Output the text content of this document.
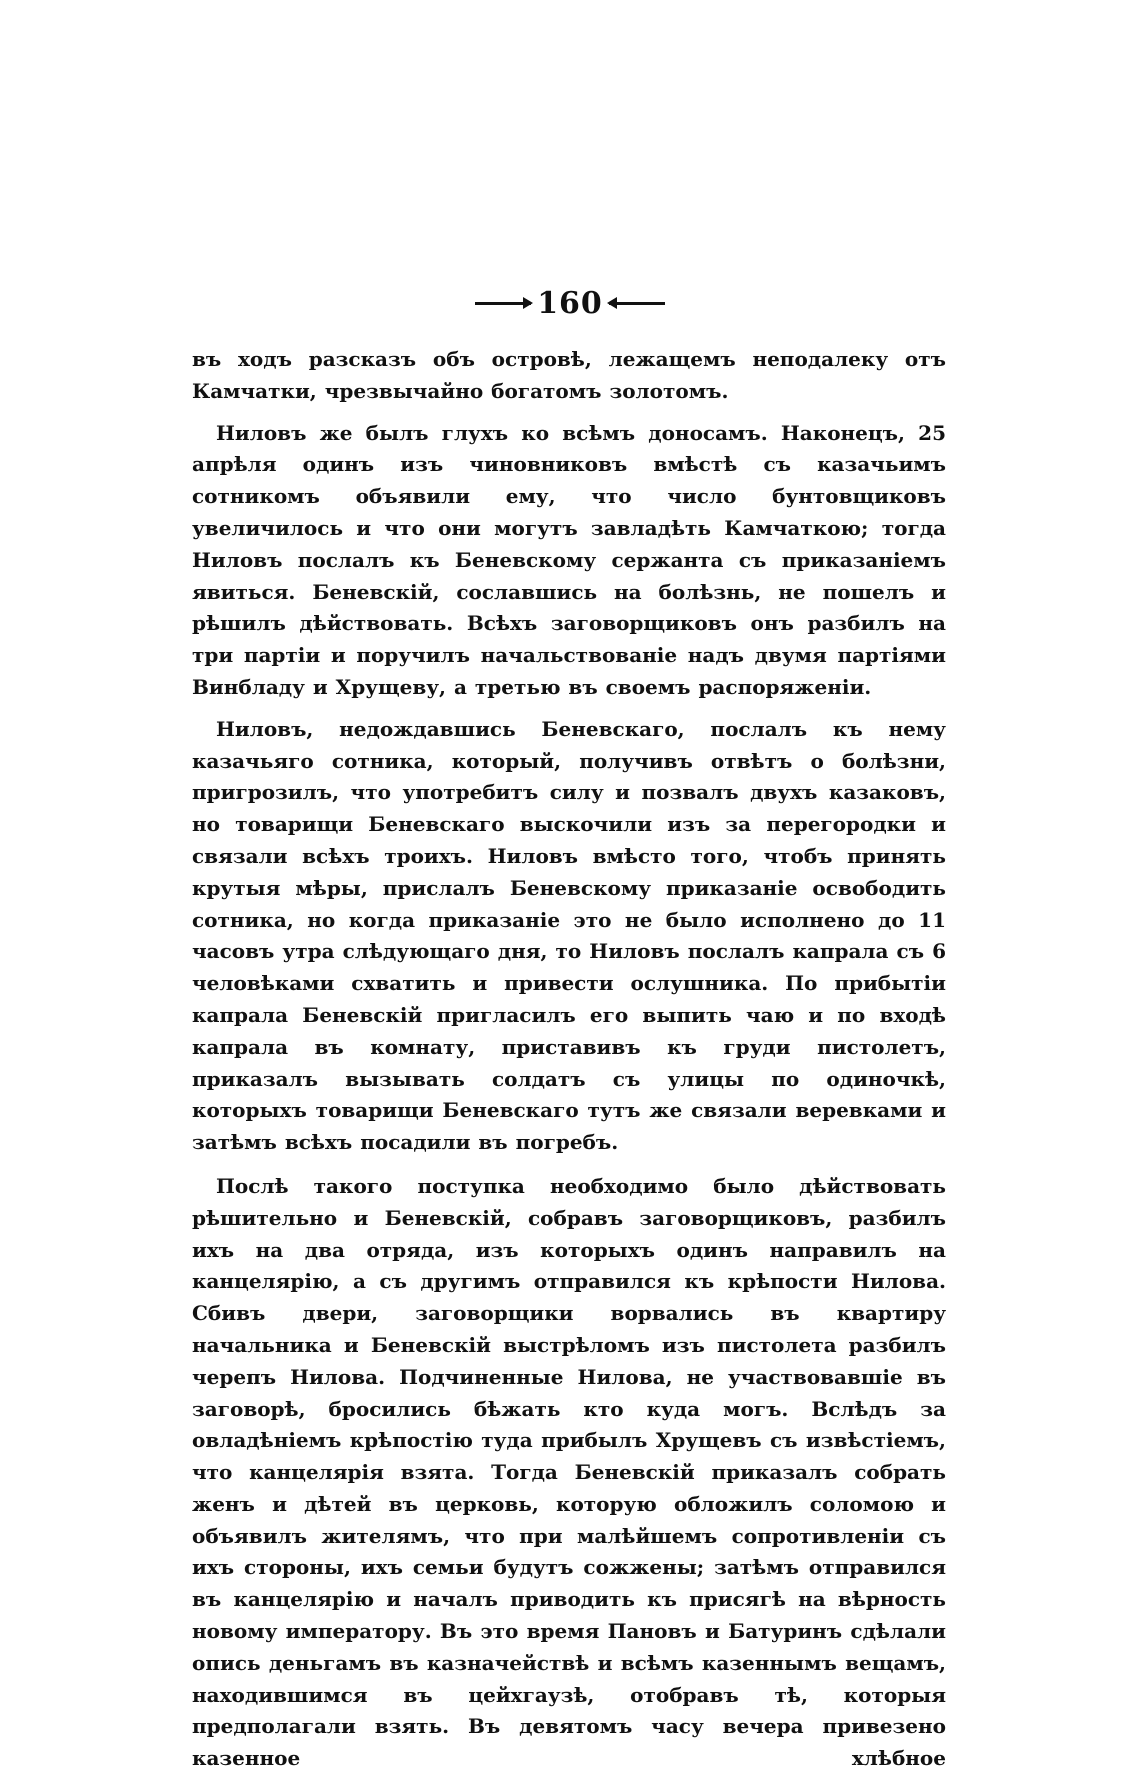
160

въ ходъ разсказъ объ островѣ, лежащемъ неподалеку отъ Камчатки, чрезвычайно богатомъ золотомъ.

Ниловъ же былъ глухъ ко всѣмъ доносамъ. Наконецъ, 25 апрѣля одинъ изъ чиновниковъ вмѣстѣ съ казачьимъ сотникомъ объявили ему, что число бунтовщиковъ увеличилось и что они могутъ завладѣть Камчаткою; тогда Ниловъ послалъ къ Беневскому сержанта съ приказаніемъ явиться. Беневскій, сославшись на болѣзнь, не пошелъ и рѣшилъ дѣйствовать. Всѣхъ заговорщиковъ онъ разбилъ на три партіи и поручилъ начальствованіе надъ двумя партіями Винбладу и Хрущеву, а третью въ своемъ распоряженіи.

Ниловъ, недождавшись Беневскаго, послалъ къ нему казачьяго сотника, который, получивъ отвѣтъ о болѣзни, пригрозилъ, что употребитъ силу и позвалъ двухъ казаковъ, но товарищи Беневскаго выскочили изъ за перегородки и связали всѣхъ троихъ. Ниловъ вмѣсто того, чтобъ принять крутыя мѣры, прислалъ Беневскому приказаніе освободить сотника, но когда приказаніе это не было исполнено до 11 часовъ утра слѣдующаго дня, то Ниловъ послалъ капрала съ 6 человѣками схватить и привести ослушника. По прибытіи капрала Беневскій пригласилъ его выпить чаю и по входѣ капрала въ комнату, приставивъ къ груди пистолетъ, приказалъ вызывать солдатъ съ улицы по одиночкѣ, которыхъ товарищи Беневскаго тутъ же связали веревками и затѣмъ всѣхъ посадили въ погребъ.

Послѣ такого поступка необходимо было дѣйствовать рѣшительно и Беневскій, собравъ заговорщиковъ, разбилъ ихъ на два отряда, изъ которыхъ одинъ направилъ на канцелярію, а съ другимъ отправился къ крѣпости Нилова. Сбивъ двери, заговорщики ворвались въ квартиру начальника и Беневскій выстрѣломъ изъ пистолета разбилъ черепъ Нилова. Подчиненные Нилова, не участвовавшіе въ заговорѣ, бросились бѣжать кто куда могъ. Вслѣдъ за овладѣніемъ крѣпостію туда прибылъ Хрущевъ съ извѣстіемъ, что канцелярія взята. Тогда Беневскій приказалъ собрать женъ и дѣтей въ церковь, которую обложилъ соломою и объявилъ жителямъ, что при малѣйшемъ сопротивленіи съ ихъ стороны, ихъ семьи будутъ сожжены; затѣмъ отправился въ канцелярію и началъ приводить къ присягѣ на вѣрность новому императору. Въ это время Пановъ и Батуринъ сдѣлали опись деньгамъ въ казначействѣ и всѣмъ казеннымъ вещамъ, находившимся въ цейхгаузѣ, отобравъ тѣ, которыя предполагали взять. Въ девятомъ часу вечера привезено казенное хлѣбное
